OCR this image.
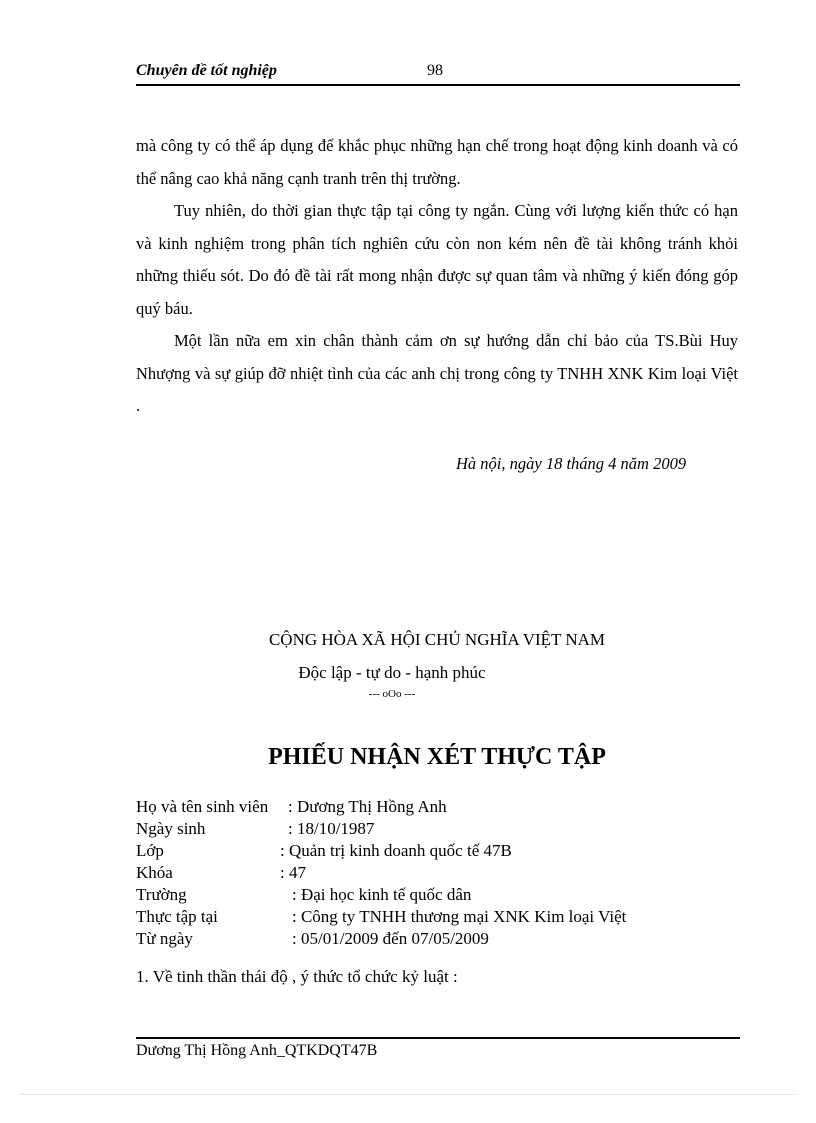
Chuyên đề tốt nghiệp	98

mà công ty có thể áp dụng để khắc phục những hạn chế trong hoạt động kinh doanh và có thể nâng cao khả năng cạnh tranh trên thị trường.

Tuy nhiên, do thời gian thực tập tại công ty ngắn. Cùng với lượng kiến thức có hạn và kinh nghiệm trong phân tích nghiên cứu còn non kém nên đề tài không tránh khỏi những thiếu sót. Do đó đề tài rất mong nhận được sự quan tâm và những ý kiến đóng góp quý báu.

Một lần nữa em xin chân thành cảm ơn sự hướng dẫn chỉ bảo của TS.Bùi Huy Nhượng và sự giúp đỡ nhiệt tình của các anh chị trong công ty TNHH XNK Kim loại Việt .

Hà nội, ngày 18 tháng 4 năm 2009
CỘNG HÒA XÃ HỘI CHỦ NGHĨA VIỆT NAM
Độc lập - tự do - hạnh phúc
--- oOo ---
PHIẾU NHẬN XÉT THỰC TẬP
Họ và tên sinh viên : Dương Thị Hồng Anh
Ngày sinh	: 18/10/1987
Lớp	: Quản trị kinh doanh quốc tế 47B
Khóa	: 47
Trường	: Đại học kinh tế quốc dân
Thực tập tại	: Công ty TNHH thương mại XNK Kim loại Việt
Từ ngày	: 05/01/2009 đến 07/05/2009
1. Về tinh thần thái độ , ý thức tổ chức kỷ luật :
Dương Thị Hồng Anh_QTKDQT47B
